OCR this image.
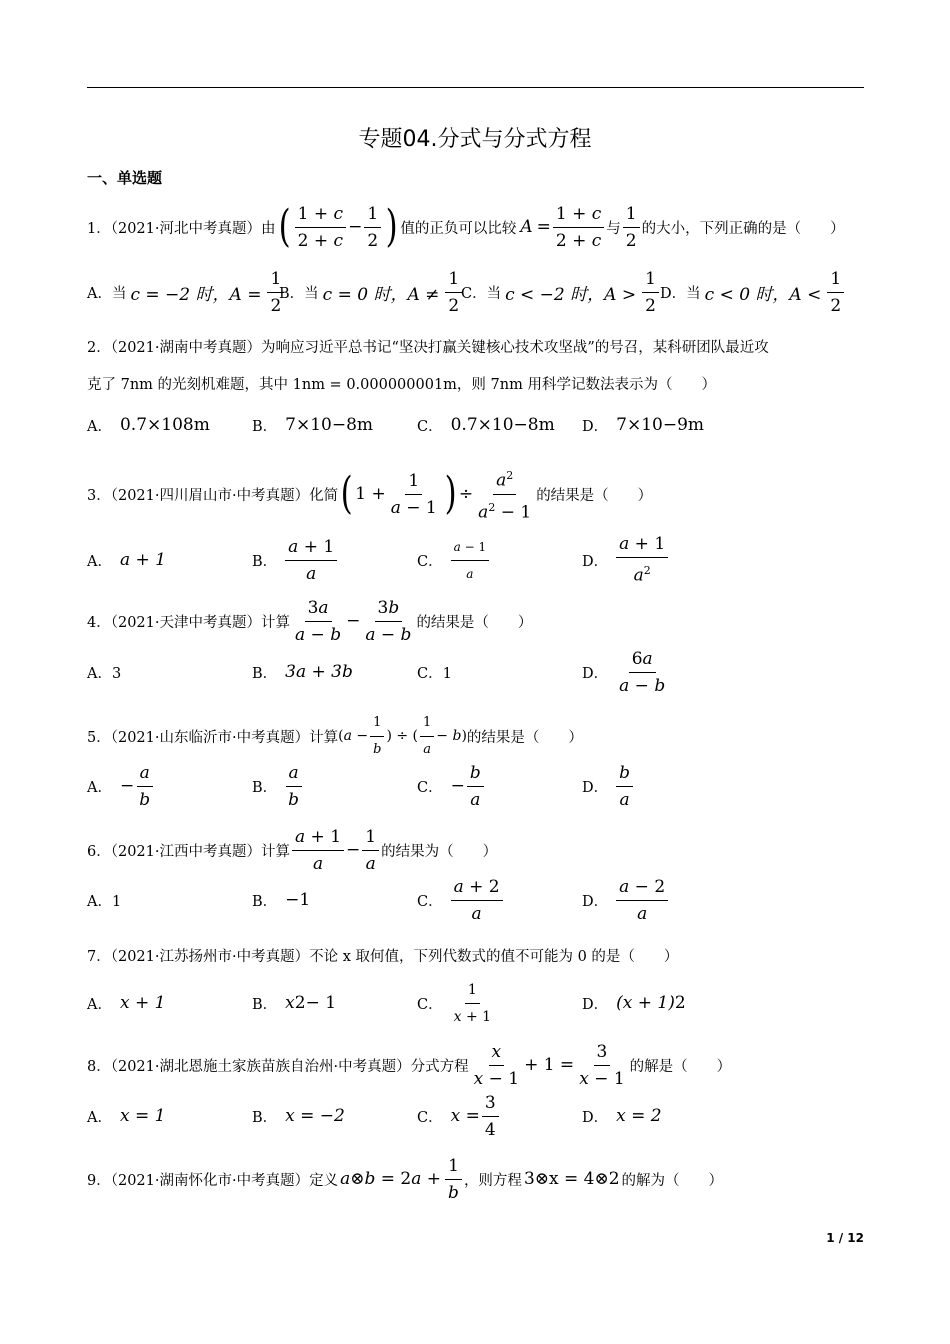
专题04.分式与分式方程
一、单选题
1．（2021·河北中考真题）由 ( $\frac{1 + c}{2 + c} - \frac{1}{2}$ ) 值的正负可以比较 $A = \frac{1 + c}{2 + c}$ 与 $\frac{1}{2}$ 的大小，下列正确的是（　　）
A．当 c = −2 时，$A = \frac{1}{2}$
B．当 c = 0 时，$A \ne \frac{1}{2}$
C．当 c < −2 时，$A > \frac{1}{2}$ D．当 c < 0 时，$A < \frac{1}{2}$
2．（2021·湖南中考真题）为响应习近平总书记“坚决打赢关键核心技术攻坚战”的号召，某科研团队最近攻
克了 7nm 的光刻机难题，其中 1nm = 0.000000001m，则 7nm 用科学记数法表示为（　　）
A． 0.7×10 8 m	B． 7×10 −8 m	C． 0.7×10 −8 m D． 7×10 −9 m
3．（2021·四川眉山市·中考真题）化简 ( $1 + \frac{1}{a - 1}$ ) ÷ $\frac{a^2}{a^2 - 1}$ 的结果是（　　）
A． a + 1	B． $\frac{a + 1}{a}$	C． $\frac{a - 1}{a}$	D． $\frac{a + 1}{a^2}$
4．（2021·天津中考真题）计算 $\frac{3a}{a - b} - \frac{3b}{a - b}$ 的结果是（　　）
A．3	B． 3a + 3b	C．1	D． $\frac{6a}{a - b}$
5．（2021·山东临沂市·中考真题）计算 ($a - \frac{1}{b}$ ) ÷ ( $\frac{1}{a} - b$) 的结果是（　　）
A． − $\frac{a}{b}$	B． $\frac{a}{b}$	C． − $\frac{b}{a}$	D． $\frac{b}{a}$
6．（2021·江西中考真题）计算 $\frac{a + 1}{a} - \frac{1}{a}$ 的结果为（　　）
A．1	B． −1	C． $\frac{a + 2}{a}$	D． $\frac{a - 2}{a}$
7．（2021·江苏扬州市·中考真题）不论 x 取何值，下列代数式的值不可能为 0 的是（　　）
A． x + 1	B． x 2 − 1	C． $\frac{1}{x + 1}$	D． (x + 1) 2
8．（2021·湖北恩施土家族苗族自治州·中考真题）分式方程 $\frac{x}{x - 1} + 1 = \frac{3}{x - 1}$ 的解是（　　）
A． x = 1	B． x = −2	C． $x = \frac{3}{4}$	D． x = 2
9．（2021·湖南怀化市·中考真题）定义 a⊗b = $2a + \frac{1}{b}$ ，则方程 3⊗x = 4⊗2 的解为（　　）
1 / 12
